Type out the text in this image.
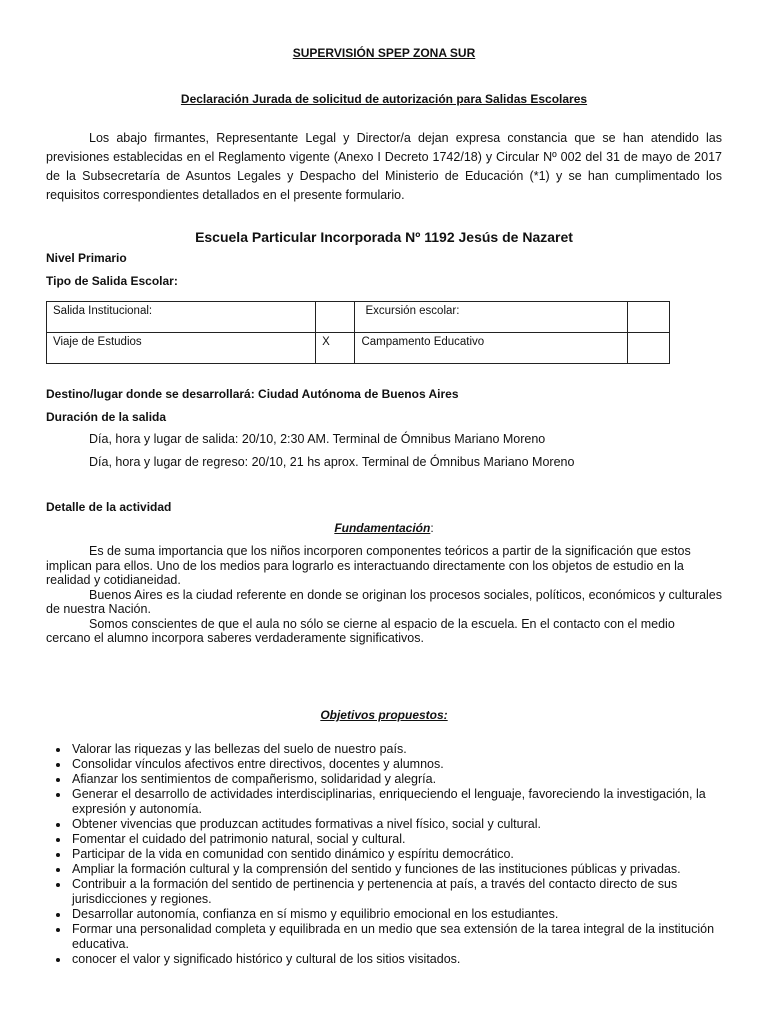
SUPERVISIÓN SPEP ZONA SUR
Declaración Jurada de solicitud de autorización para Salidas Escolares
Los abajo firmantes, Representante Legal y Director/a dejan expresa constancia que se han atendido las previsiones establecidas en el Reglamento vigente (Anexo I Decreto 1742/18) y Circular Nº 002 del 31 de mayo de 2017 de la Subsecretaría de Asuntos Legales y Despacho del Ministerio de Educación (*1) y se han cumplimentado los requisitos correspondientes detallados en el presente formulario.
Escuela Particular Incorporada Nº 1192 Jesús de Nazaret
Nivel Primario
Tipo de Salida Escolar:
Salida Institucional:		Excursión escolar:	
Viaje de Estudios	X	Campamento Educativo	
Destino/lugar donde se desarrollará: Ciudad Autónoma de Buenos Aires
Duración de la salida
Día, hora y lugar de salida: 20/10, 2:30 AM. Terminal de Ómnibus Mariano Moreno
Día, hora y lugar de regreso: 20/10, 21 hs aprox. Terminal de Ómnibus Mariano Moreno
Detalle de la actividad
Fundamentación:

Es de suma importancia que los niños incorporen componentes teóricos a partir de la significación que estos implican para ellos. Uno de los medios para lograrlo es interactuando directamente con los objetos de estudio en la realidad y cotidianeidad.

Buenos Aires es la ciudad referente en donde se originan los procesos sociales, políticos, económicos y culturales de nuestra Nación.

Somos conscientes de que el aula no sólo se cierne al espacio de la escuela. En el contacto con el medio cercano el alumno incorpora saberes verdaderamente significativos.

Objetivos propuestos:
Valorar las riquezas y las bellezas del suelo de nuestro país.
Consolidar vínculos afectivos entre directivos, docentes y alumnos.
Afianzar los sentimientos de compañerismo, solidaridad y alegría.
Generar el desarrollo de actividades interdisciplinarias, enriqueciendo el lenguaje, favoreciendo la investigación, la expresión y autonomía.
Obtener vivencias que produzcan actitudes formativas a nivel físico, social y cultural.
Fomentar el cuidado del patrimonio natural, social y cultural.
Participar de la vida en comunidad con sentido dinámico y espíritu democrático.
Ampliar la formación cultural y la comprensión del sentido y funciones de las instituciones públicas y privadas.
Contribuir a la formación del sentido de pertinencia y pertenencia at país, a través del contacto directo de sus jurisdicciones y regiones.
Desarrollar autonomía, confianza en sí mismo y equilibrio emocional en los estudiantes.
Formar una personalidad completa y equilibrada en un medio que sea extensión de la tarea integral de la institución educativa.
conocer el valor y significado histórico y cultural de los sitios visitados.
